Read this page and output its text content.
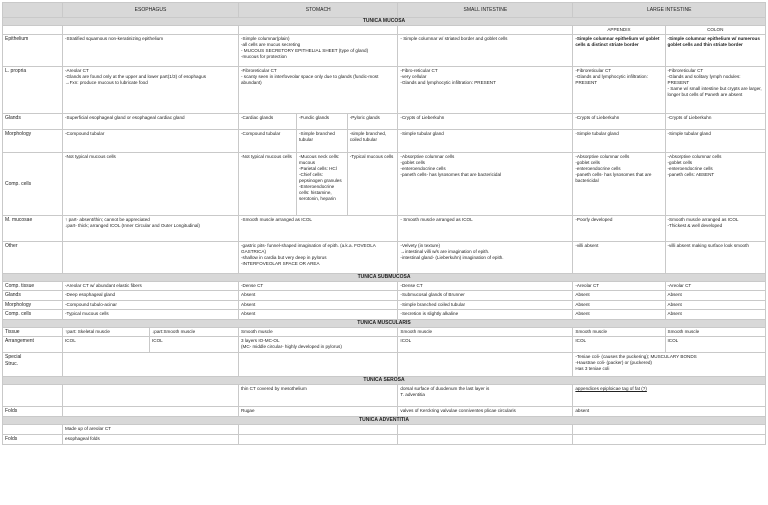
	ESOPHAGUS		STOMACH			SMALL INTESTINE	LARGE INTESTINE	
TUNICA MUCOSA								
							APPENDIX	COLON
Epithelium	-Stratified squamous non-keratinizing epithelium		-Simple columnar(plain)
-all cells are mucus secreting
- MUCOUS SECRETORY EPITHELIAL SHEET (type of gland)
-mucous for protection			- Simple columnar w/ striated border and goblet cells	-Simple columnar epithelium w/ goblet cells & distinct striate border	-Simple columnar epithelium w/ numerous goblet cells and thin striate border
L. propria	-Areolar CT
-Glands are found only at the upper and lower part(1/3) of esophagus
→Fxn: produce mucous to lubricate food		-Fibroreticular CT
- scanty seen in interfoveolar space only due to glands (fundic-most abundant)			-Fibro-reticular CT
-very cellular
-Glands and lymphocytic infiltration: PRESENT	-Fibroreticular CT
-Glands and lymphocytic infiltration: PRESENT	-Fibroreticular CT
-Glands and solitary lymph nodules: PRESENT
- Same w/ small intestine but crypts are larger, longer but cells of Paneth are absent

Glands	-Superficial esophageal gland or esophageal cardiac gland		-Cardiac glands	-Fundic glands	-Pyloric glands	-Crypts of Lieberkuhn	-Crypts of Lieberkuhn	-Crypts of Lieberkuhn
Morphology	-Compound tubular		-Compound tubular	-Simple branched tubular	-simple branched, coiled tubular	-Simple tubular gland	-Simple tubular gland	-Simple tubular gland
Comp. cells	-Not typical mucous cells		-Not typical mucous cells	-Mucous neck cells: mucous
-Parietal cells: HCl
-Chief cells: pepsinogen granules
-Enteroendocrine cells: histamine, serotonin, heparin	-Typical mucous cells	-Absorptive columnar cells
-goblet cells
-enteroendocrine cells
-paneth cells- has lysosomes that are bactericidal	-Absorptive columnar cells
-goblet cells
-enteroendocrine cells
-paneth cells- has lysosomes that are bactericidal	-Absorptive columnar cells
-goblet cells
-enteroendocrine cells
-paneth cells: ABSENT

M. mucosae	↑ part- absent/thin; cannot be appreciated
↓part- thick; arranged ICOL (Inner Circular and Outer Longitudinal)		-Smooth muscle arranged as ICOL			- Smooth muscle arranged as ICOL	-Poorly developed	-Smooth muscle arranged as ICOL
-Thickest & well developed

Other			-gastric pits- funnel-shaped imagination of epith. (a.k.a. FOVEOLA GASTRICA)
-shallow in cardia but very deep in pylorus
-INTERFOVEOLAR SPACE OR AREA			-Velvety (in texture)
→intestinal villi w/s are imagination of epith.
-intestinal gland- (Lieberkuhn) imagination of epith.	-villi absent	-villi absent making surface look smooth
TUNICA SUBMUCOSA								
Comp. tissue	-Areolar CT w/ abundant elastic fibers		-Dense CT			-Dense CT	-Areolar CT	-Areolar CT
Glands	-Deep esophageal gland		Absent			-Submucosal glands of Brunner	Absent	Absent
Morphology	-Compound tubulo-acinar		Absent			-Simple branched coiled tubular	Absent	Absent
Comp. cells	-Typical mucous cells		Absent			-Secretion is slightly alkaline	Absent	Absent
TUNICA MUSCULARIS								
Tissue	↑part: Skeletal muscle	↓part:Smooth muscle	Smooth muscle			Smooth muscle	Smooth muscle	Smooth muscle
Arrangement	ICOL	ICOL	3 layers IO-MC-OL
(MC- middle circular- highly developed in pylorus)			ICOL	ICOL	ICOL

Special
Struc.							-Teniae coli- (causes the puckering); MUSCULARY BONDS
-Haustrae coli- (packer) or (puckered)
Has 3 teniae coli	

TUNICA SEROSA								
			thin CT covered by mesothelium			dorsal surface of duodenum the last layer is
T. adventitia	appendices epiploicae tag of fat (?)	
Folds			Rugae			valves of Kerckring valvulae conniventes plicae circularis	absent	
TUNICA ADVENTITIA								
	Made up of areolar CT							
Folds	esophageal folds							
